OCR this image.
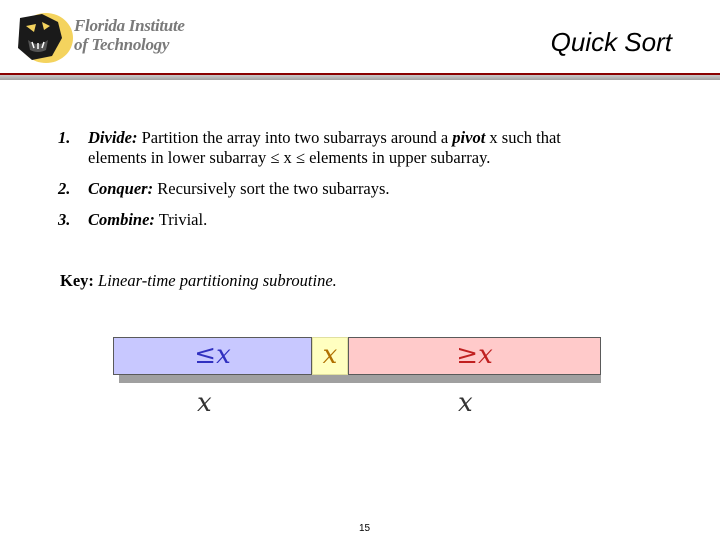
Florida Institute
of Technology	Quick Sort
1. Divide: Partition the array into two subarrays around a pivot x such that
elements in lower subarray ≤ x ≤ elements in upper subarray.
2. Conquer: Recursively sort the two subarrays.
3. Combine: Trivial.
Key: Linear-time partitioning subroutine.
≤x	x	≥x
x	x
15
